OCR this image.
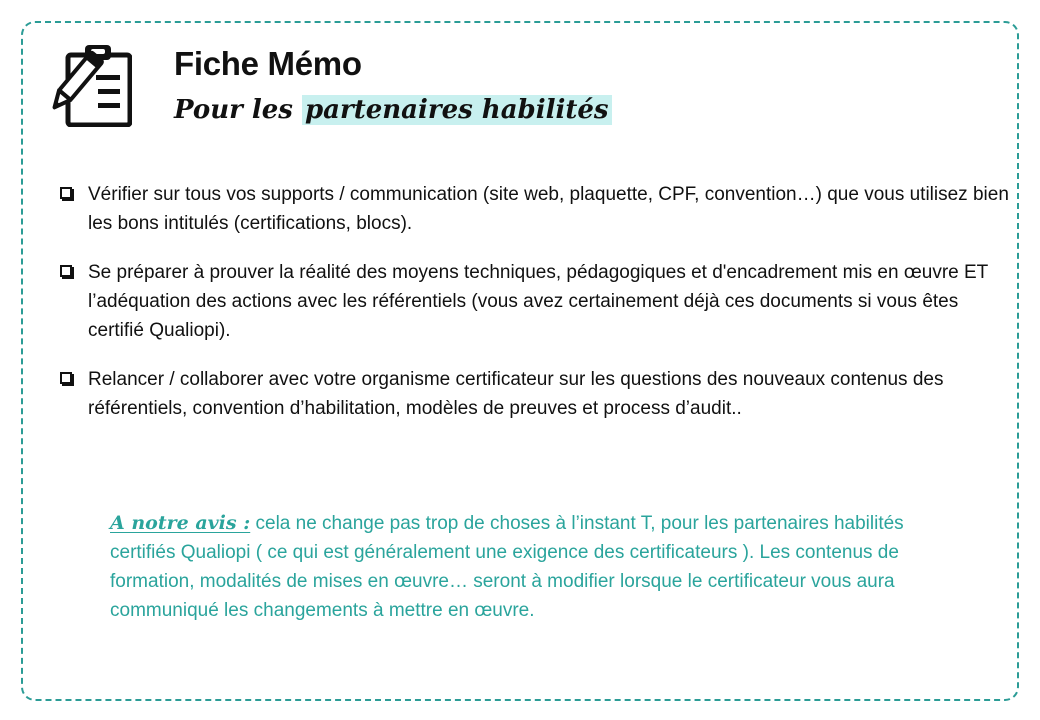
Fiche Mémo
Pour les partenaires habilités
Vérifier sur tous vos supports / communication (site web, plaquette, CPF, convention…) que vous utilisez bien les bons intitulés (certifications, blocs).
Se préparer à prouver la réalité des moyens techniques, pédagogiques et d'encadrement mis en œuvre ET l’adéquation des actions avec les référentiels (vous avez certainement déjà ces documents si vous êtes certifié Qualiopi).
Relancer / collaborer avec votre organisme certificateur sur les questions des nouveaux contenus des référentiels, convention d’habilitation, modèles de preuves et process d’audit..
A notre avis : cela ne change pas trop de choses à l’instant T, pour les partenaires habilités certifiés Qualiopi ( ce qui est généralement une exigence des certificateurs ). Les contenus de formation, modalités de mises en œuvre… seront à modifier lorsque le certificateur vous aura communiqué les changements à mettre en œuvre.
